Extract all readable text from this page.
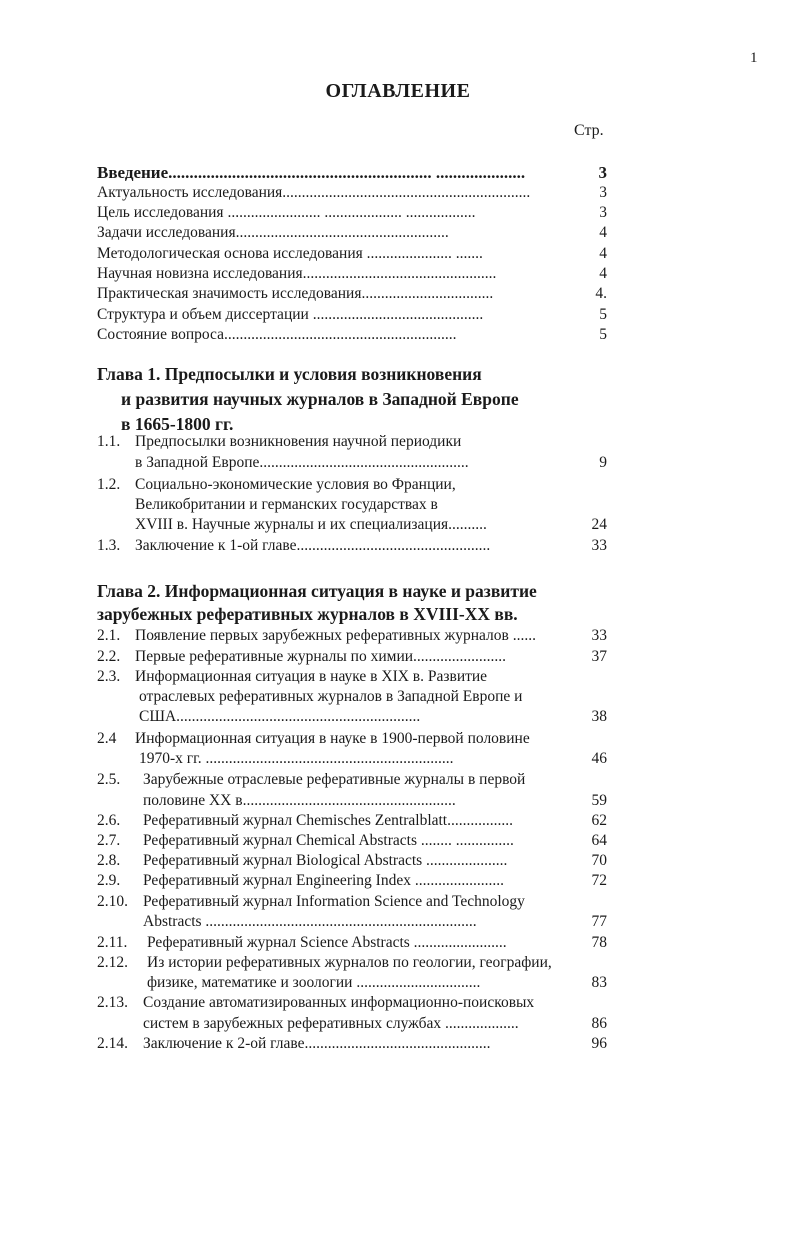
1
ОГЛАВЛЕНИЕ
Стр.
Введение.............................................................. .....................	3
Актуальность исследования................................................................	3
Цель исследования ........................ .................... ..................	3
Задачи исследования.......................................................	4
Методологическая основа исследования ...................... .......	4
Научная новизна исследования..................................................	4
Практическая значимость исследования..................................	4.
Структура и объем диссертации ............................................	5
Состояние вопроса............................................................	5
Глава 1. Предпосылки и условия возникновения
и развития научных журналов в Западной Европе
в 1665-1800 гг.
1.1. Предпосылки возникновения научной периодики
в Западной Европе......................................................	9
1.2. Социально-экономические условия во Франции,
Великобритании и германских государствах в
XVIII в. Научные журналы и их специализация..........	24
1.3. Заключение к 1-ой главе..................................................	33
Глава 2. Информационная ситуация в науке и развитие
зарубежных реферативных журналов в XVIII-XX вв.
2.1. Появление первых зарубежных реферативных журналов ......	33
2.2. Первые реферативные журналы по химии........................	37
2.3. Информационная ситуация в науке в XIX в. Развитие
отраслевых реферативных журналов в Западной Европе и
США...............................................................	38
2.4 Информационная ситуация в науке в 1900-первой половине
1970-х гг. ................................................................	46
2.5. Зарубежные отраслевые реферативные журналы в первой
половине XX в.......................................................	59
2.6. Реферативный журнал Chemisches Zentralblatt.................	62
2.7. Реферативный журнал Chemical Abstracts ........ ...............	64
2.8. Реферативный журнал Biological Abstracts .....................	70
2.9. Реферативный журнал Engineering Index .......................	72
2.10. Реферативный журнал Information Science and Technology
Abstracts ......................................................................	77
2.11. Реферативный журнал Science Abstracts ........................	78
2.12. Из истории реферативных журналов по геологии, географии,
физике, математике и зоологии ................................	83
2.13. Создание автоматизированных информационно-поисковых
систем в зарубежных реферативных службах ...................	86
2.14. Заключение к 2-ой главе................................................	96
